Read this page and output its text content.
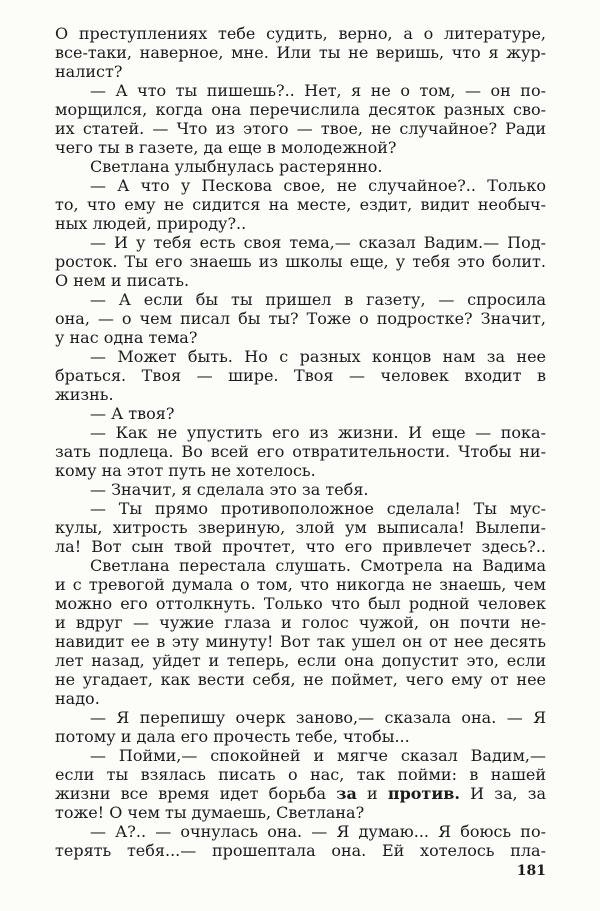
О преступлениях тебе судить, верно, а о литературе,
все-таки, наверное, мне. Или ты не веришь, что я жур-
налист?
— А что ты пишешь?.. Нет, я не о том, — он по-
морщился, когда она перечислила десяток разных сво-
их статей. — Что из этого — твое, не случайное? Ради
чего ты в газете, да еще в молодежной?
Светлана улыбнулась растерянно.
— А что у Пескова свое, не случайное?.. Только
то, что ему не сидится на месте, ездит, видит необыч-
ных людей, природу?..
— И у тебя есть своя тема,— сказал Вадим.— Под-
росток. Ты его знаешь из школы еще, у тебя это болит.
О нем и писать.
— А если бы ты пришел в газету, — спросила
она, — о чем писал бы ты? Тоже о подростке? Значит,
у нас одна тема?
— Может быть. Но с разных концов нам за нее
браться. Твоя — шире. Твоя — человек входит в
жизнь.
— А твоя?
— Как не упустить его из жизни. И еще — пока-
зать подлеца. Во всей его отвратительности. Чтобы ни-
кому на этот путь не хотелось.
— Значит, я сделала это за тебя.
— Ты прямо противоположное сделала! Ты мус-
кулы, хитрость звериную, злой ум выписала! Вылепи-
ла! Вот сын твой прочтет, что его привлечет здесь?..
Светлана перестала слушать. Смотрела на Вадима
и с тревогой думала о том, что никогда не знаешь, чем
можно его оттолкнуть. Только что был родной человек
и вдруг — чужие глаза и голос чужой, он почти не-
навидит ее в эту минуту! Вот так ушел он от нее десять
лет назад, уйдет и теперь, если она допустит это, если
не угадает, как вести себя, не поймет, чего ему от нее
надо.
— Я перепишу очерк заново,— сказала она. — Я
потому и дала его прочесть тебе, чтобы...
— Пойми,— спокойней и мягче сказал Вадим,—
если ты взялась писать о нас, так пойми: в нашей
жизни все время идет борьба за и против. И за, за
тоже! О чем ты думаешь, Светлана?
— А?.. — очнулась она. — Я думаю... Я боюсь по-
терять тебя...— прошептала она. Ей хотелось пла-
181
